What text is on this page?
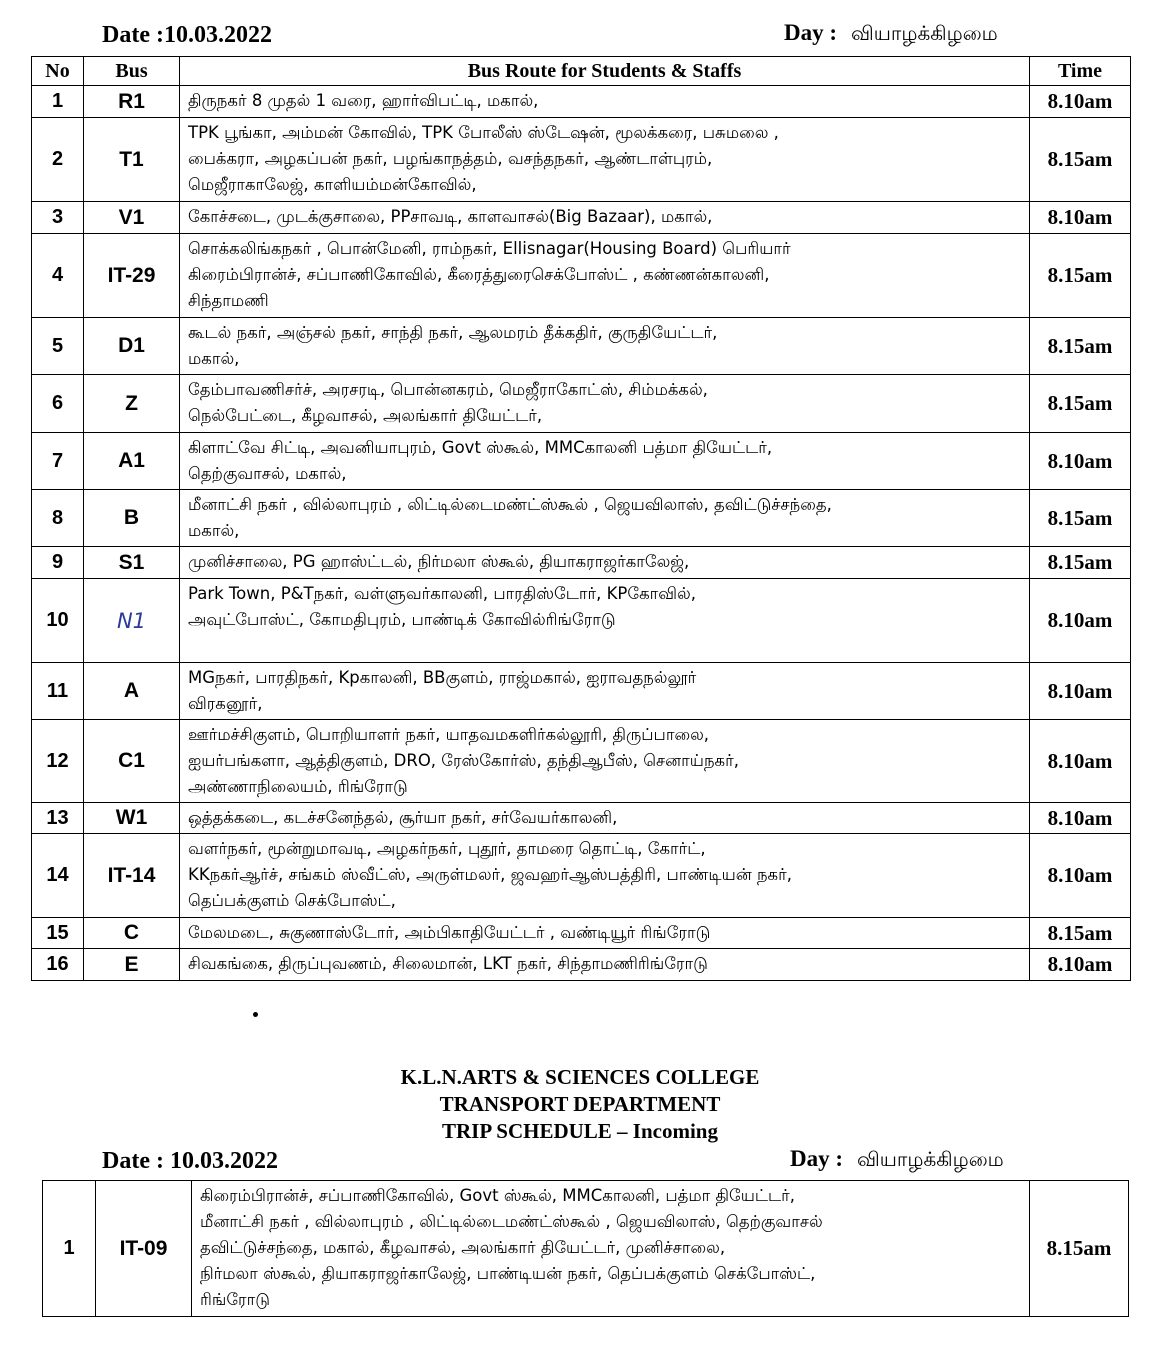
Date :10.03.2022	Day : வியாழக்கிழமை
No	Bus	Bus Route for Students & Staffs	Time
1	R1	திருநகர் 8 முதல் 1 வரை, ஹார்விபட்டி, மகால்,	8.10am
2	T1	TPK பூங்கா, அம்மன் கோவில், TPK போலீஸ் ஸ்டேஷன், மூலக்கரை, பசுமலை ,
பைக்கரா, அழகப்பன் நகர், பழங்காநத்தம், வசந்தநகர், ஆண்டாள்புரம்,
மெஜீராகாலேஜ், காளியம்மன்கோவில்,	8.15am
3	V1	கோச்சடை, முடக்குசாலை, PPசாவடி, காளவாசல்(Big Bazaar), மகால்,	8.10am
4	IT-29	சொக்கலிங்கநகர் , பொன்மேனி, ராம்நகர், Ellisnagar(Housing Board) பெரியார்
கிரைம்பிரான்ச், சப்பாணிகோவில், கீரைத்துரைசெக்போஸ்ட் , கண்ணன்காலனி,
சிந்தாமணி	8.15am
5	D1	கூடல் நகர், அஞ்சல் நகர், சாந்தி நகர், ஆலமரம் தீக்கதிர், குருதியேட்டர்,
மகால்,	8.15am
6	Z	தேம்பாவணிசர்ச், அரசரடி, பொன்னகரம், மெஜீராகோட்ஸ், சிம்மக்கல்,
நெல்பேட்டை, கீழவாசல், அலங்கார் தியேட்டர்,	8.15am
7	A1	கிளாட்வே சிட்டி, அவனியாபுரம், Govt ஸ்கூல், MMCகாலனி பத்மா தியேட்டர்,
தெற்குவாசல், மகால்,	8.10am
8	B	மீனாட்சி நகர் , வில்லாபுரம் , லிட்டில்டைமண்ட்ஸ்கூல் , ஜெயவிலாஸ், தவிட்டுச்சந்தை,
மகால்,	8.15am
9	S1	முனிச்சாலை, PG ஹாஸ்ட்டல், நிர்மலா ஸ்கூல், தியாகராஜர்காலேஜ்,	8.15am
10	N1	Park Town, P&Tநகர், வள்ளுவர்காலனி, பாரதிஸ்டோர், KPகோவில்,
அவுட்போஸ்ட், கோமதிபுரம், பாண்டிக் கோவில்ரிங்ரோடு	8.10am
11	A	MGநகர், பாரதிநகர், Kpகாலனி, BBகுளம், ராஜ்மகால், ஐராவதநல்லூர்
விரகனூர்,	8.10am
12	C1	ஊர்மச்சிகுளம், பொறியாளர் நகர், யாதவமகளிர்கல்லூரி, திருப்பாலை,
ஐயர்பங்களா, ஆத்திகுளம், DRO, ரேஸ்கோர்ஸ், தந்திஆபீஸ், செனாய்நகர்,
அண்ணாநிலையம், ரிங்ரோடு	8.10am
13	W1	ஒத்தக்கடை, கடச்சனேந்தல், சூர்யா நகர், சர்வேயர்காலனி,	8.10am
14	IT-14	வளர்நகர், மூன்றுமாவடி, அழகர்நகர், புதூர், தாமரை தொட்டி, கோர்ட்,
KKநகர்ஆர்ச், சங்கம் ஸ்வீட்ஸ், அருள்மலர், ஜவஹர்ஆஸ்பத்திரி, பாண்டியன் நகர்,
தெப்பக்குளம் செக்போஸ்ட்,	8.10am
15	C	மேலமடை, சுகுணாஸ்டோர், அம்பிகாதியேட்டர் , வண்டியூர் ரிங்ரோடு	8.15am
16	E	சிவகங்கை, திருப்புவணம், சிலைமான், LKT நகர், சிந்தாமணிரிங்ரோடு	8.10am
K.L.N.ARTS & SCIENCES COLLEGE
TRANSPORT DEPARTMENT
TRIP SCHEDULE – Incoming
Date : 10.03.2022	Day : வியாழக்கிழமை
1	IT-09	கிரைம்பிரான்ச், சப்பாணிகோவில், Govt ஸ்கூல், MMCகாலனி, பத்மா தியேட்டர்,
மீனாட்சி நகர் , வில்லாபுரம் , லிட்டில்டைமண்ட்ஸ்கூல் , ஜெயவிலாஸ், தெற்குவாசல்
தவிட்டுச்சந்தை, மகால், கீழவாசல், அலங்கார் தியேட்டர், முனிச்சாலை,
நிர்மலா ஸ்கூல், தியாகராஜர்காலேஜ், பாண்டியன் நகர், தெப்பக்குளம் செக்போஸ்ட்,
ரிங்ரோடு	8.15am
